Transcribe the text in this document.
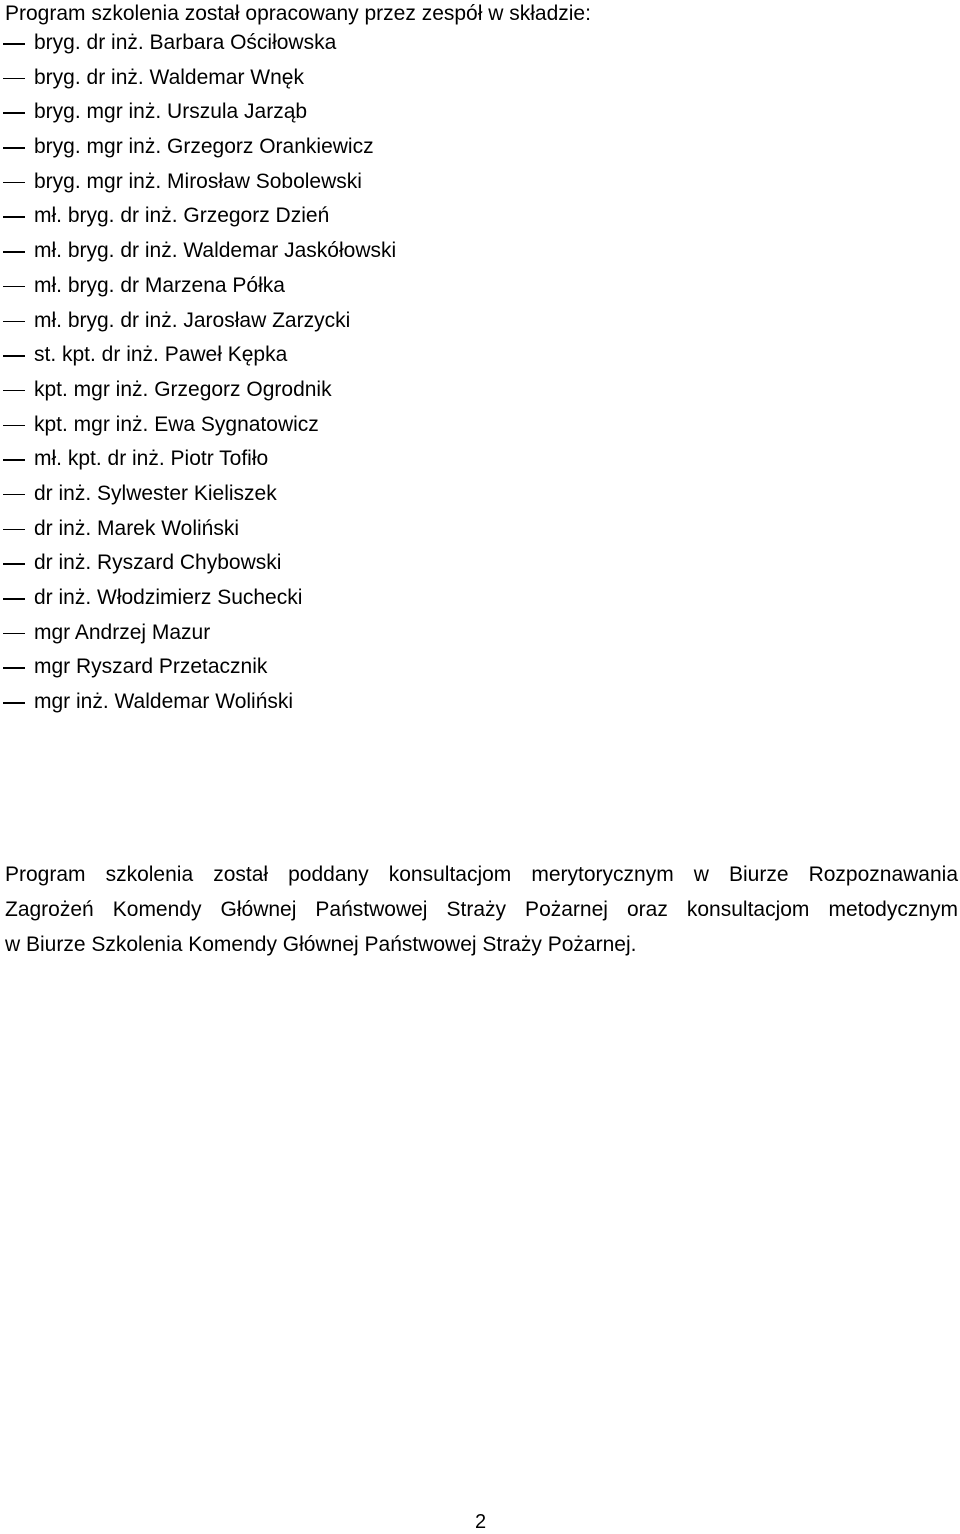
Program szkolenia został opracowany przez zespół w składzie:
bryg. dr inż. Barbara Ościłowska
bryg. dr inż. Waldemar Wnęk
bryg. mgr inż. Urszula Jarząb
bryg. mgr inż. Grzegorz Orankiewicz
bryg. mgr inż. Mirosław Sobolewski
mł. bryg. dr inż. Grzegorz Dzień
mł. bryg. dr inż. Waldemar Jaskółowski
mł. bryg. dr Marzena Półka
mł. bryg. dr inż. Jarosław Zarzycki
st. kpt. dr inż. Paweł Kępka
kpt. mgr inż. Grzegorz Ogrodnik
kpt. mgr inż. Ewa Sygnatowicz
mł. kpt. dr inż. Piotr Tofiło
dr inż. Sylwester Kieliszek
dr inż. Marek Woliński
dr inż. Ryszard Chybowski
dr inż. Włodzimierz Suchecki
mgr Andrzej Mazur
mgr Ryszard Przetacznik
mgr inż. Waldemar Woliński

Program szkolenia został poddany konsultacjom merytorycznym w Biurze Rozpoznawania
Zagrożeń Komendy Głównej Państwowej Straży Pożarnej oraz konsultacjom metodycznym
w Biurze Szkolenia Komendy Głównej Państwowej Straży Pożarnej.

2
